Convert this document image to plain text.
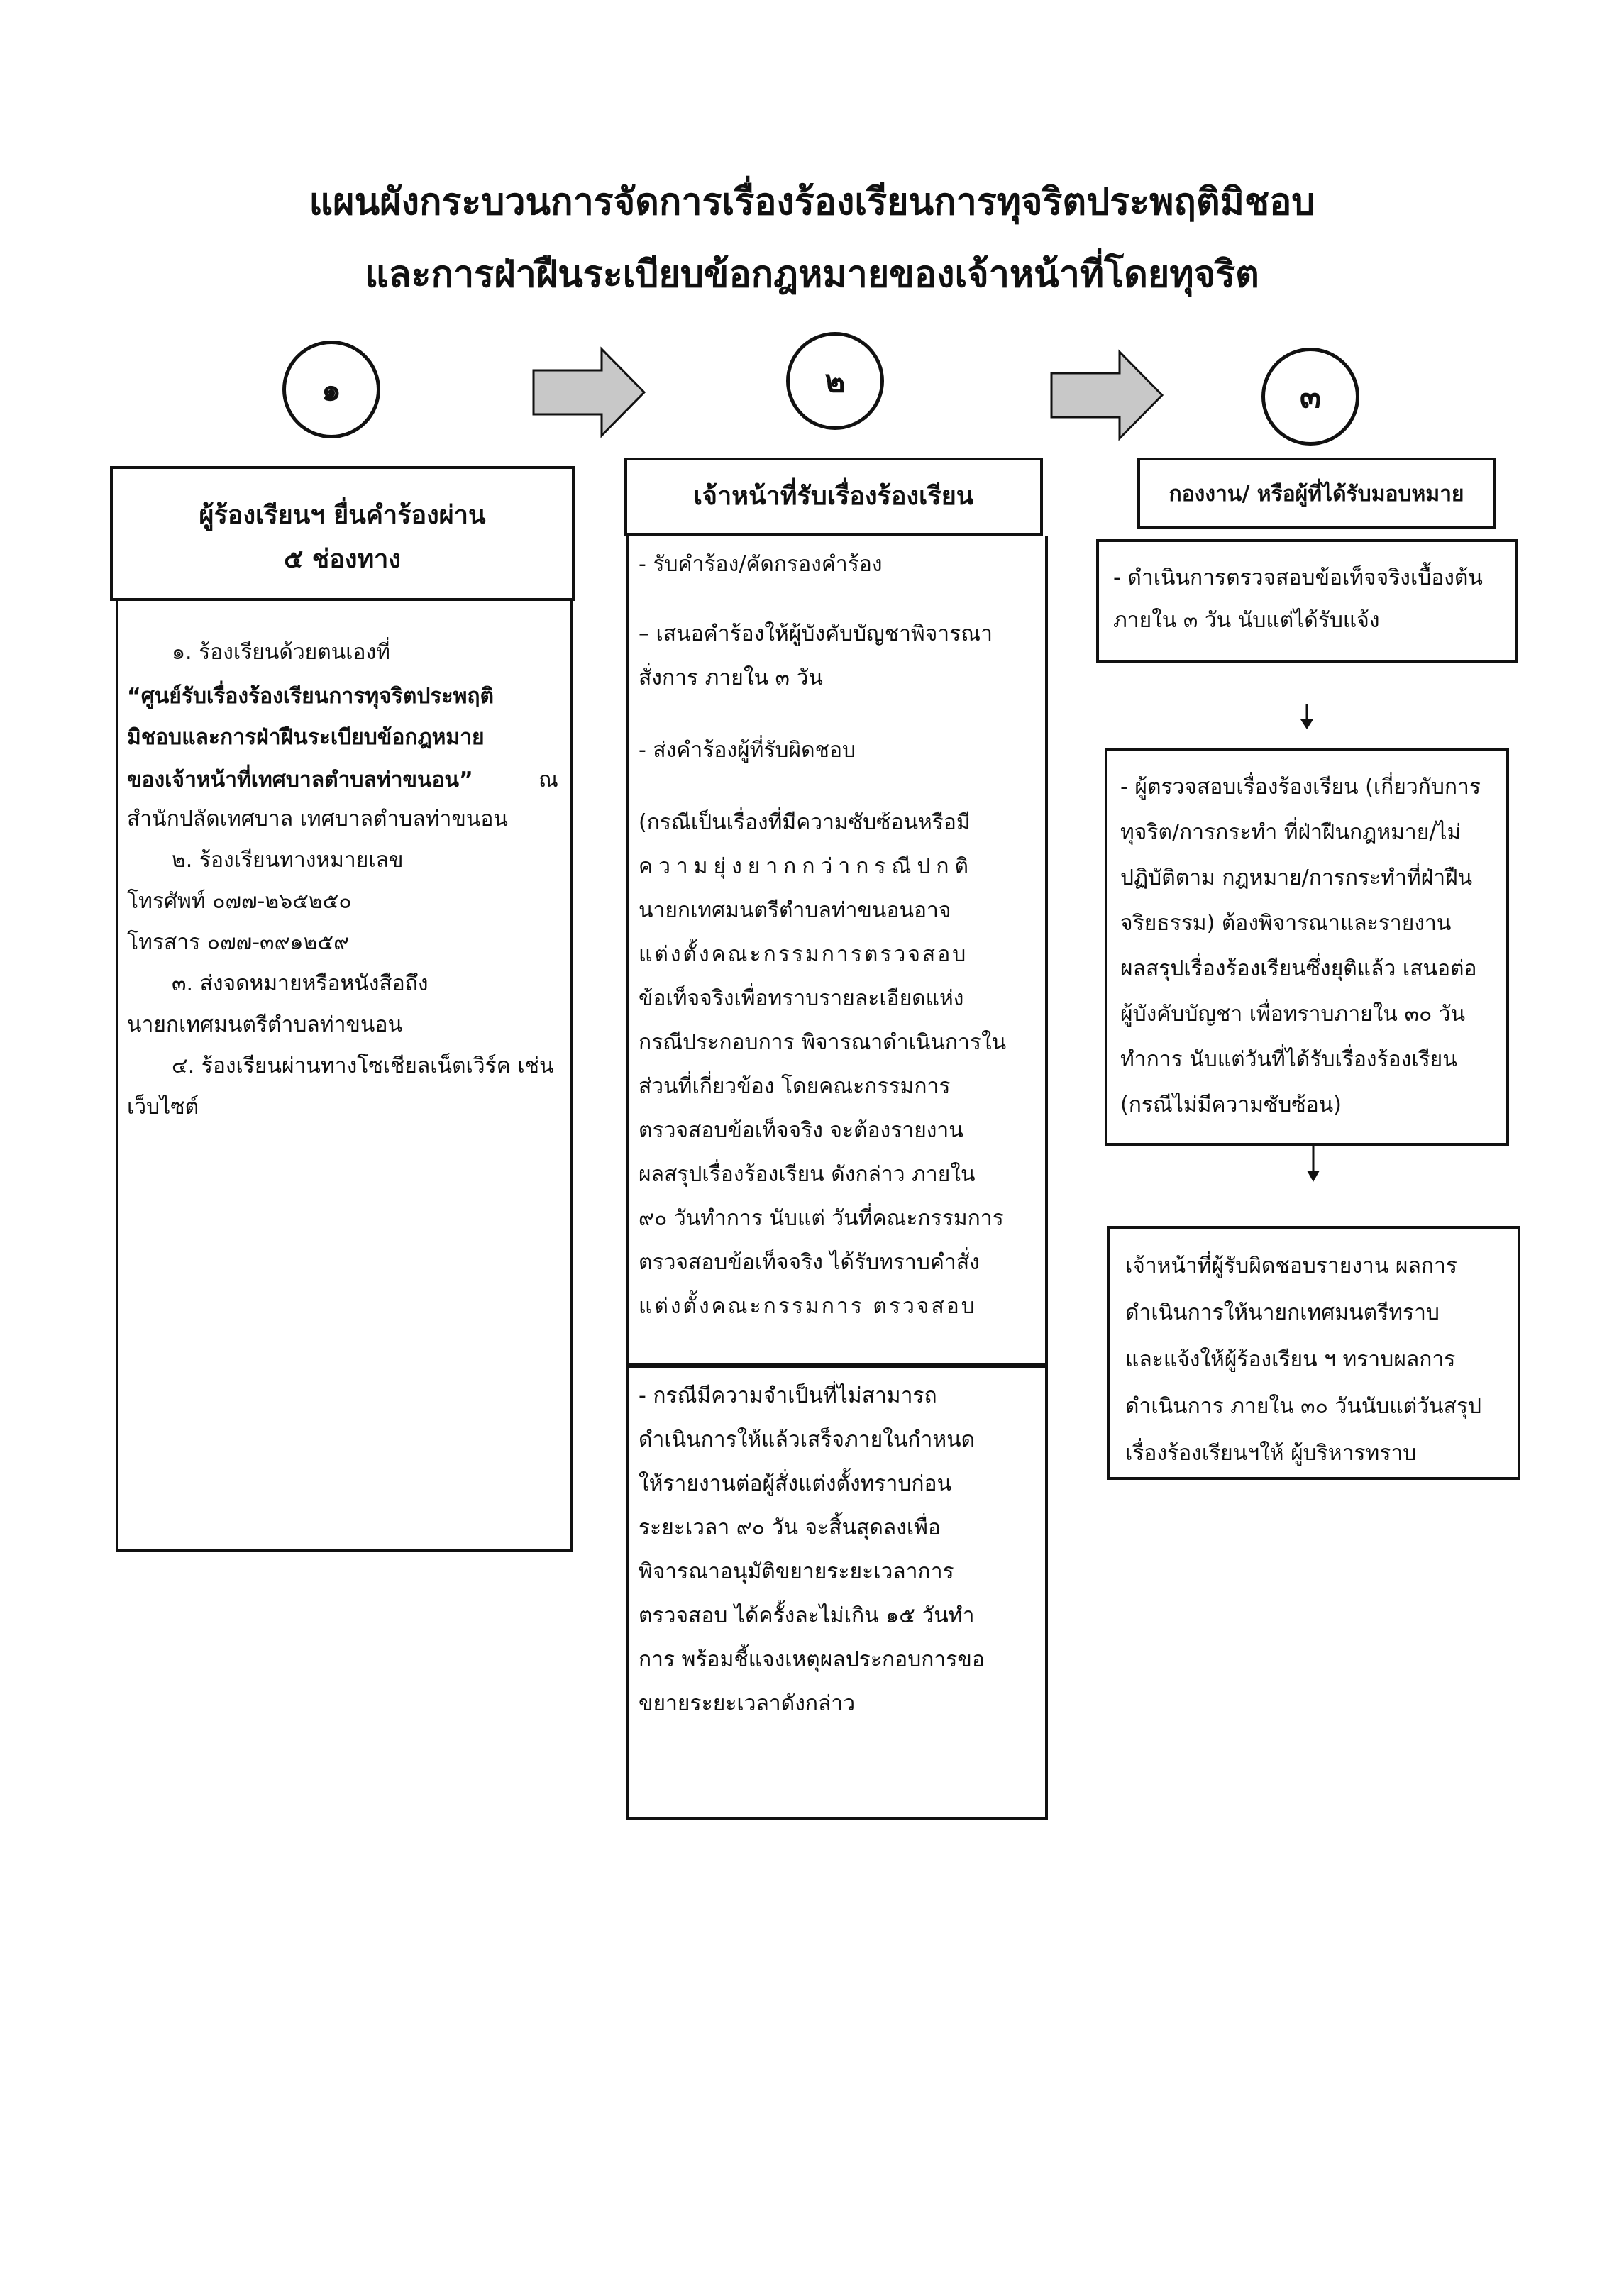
แผนผังกระบวนการจัดการเรื่องร้องเรียนการทุจริตประพฤติมิชอบ
และการฝ่าฝืนระเบียบข้อกฎหมายของเจ้าหน้าที่โดยทุจริต
๑	๒	๓
ผู้ร้องเรียนฯ ยื่นคำร้องผ่าน
๕ ช่องทาง
๑. ร้องเรียนด้วยตนเองที่
“ศูนย์รับเรื่องร้องเรียนการทุจริตประพฤติ
มิชอบและการฝ่าฝืนระเบียบข้อกฎหมาย
ของเจ้าหน้าที่เทศบาลตำบลท่าขนอน”	ณ
สำนักปลัดเทศบาล เทศบาลตำบลท่าขนอน
๒. ร้องเรียนทางหมายเลข
โทรศัพท์ ๐๗๗-๒๖๕๒๕๐
โทรสาร ๐๗๗-๓๙๑๒๕๙
๓. ส่งจดหมายหรือหนังสือถึง
นายกเทศมนตรีตำบลท่าขนอน
๔. ร้องเรียนผ่านทางโซเชียลเน็ตเวิร์ค เช่น
เว็บไซต์
เจ้าหน้าที่รับเรื่องร้องเรียน
- รับคำร้อง/คัดกรองคำร้อง
– เสนอคำร้องให้ผู้บังคับบัญชาพิจารณา
สั่งการ ภายใน ๓ วัน
- ส่งคำร้องผู้ที่รับผิดชอบ
(กรณีเป็นเรื่องที่มีความซับซ้อนหรือมี
ความยุ่งยากกว่ากรณีปกติ
นายกเทศมนตรีตำบลท่าขนอนอาจ
แต่งตั้งคณะกรรมการตรวจสอบ
ข้อเท็จจริงเพื่อทราบรายละเอียดแห่ง
กรณีประกอบการ พิจารณาดำเนินการใน
ส่วนที่เกี่ยวข้อง โดยคณะกรรมการ
ตรวจสอบข้อเท็จจริง จะต้องรายงาน
ผลสรุปเรื่องร้องเรียน ดังกล่าว ภายใน
๙๐ วันทำการ นับแต่ วันที่คณะกรรมการ
ตรวจสอบข้อเท็จจริง ได้รับทราบคำสั่ง
แต่งตั้งคณะกรรมการ ตรวจสอบ
- กรณีมีความจำเป็นที่ไม่สามารถ
ดำเนินการให้แล้วเสร็จภายในกำหนด
ให้รายงานต่อผู้สั่งแต่งตั้งทราบก่อน
ระยะเวลา ๙๐ วัน จะสิ้นสุดลงเพื่อ
พิจารณาอนุมัติขยายระยะเวลาการ
ตรวจสอบ ได้ครั้งละไม่เกิน ๑๕ วันทำ
การ พร้อมชี้แจงเหตุผลประกอบการขอ
ขยายระยะเวลาดังกล่าว
กองงาน/ หรือผู้ที่ได้รับมอบหมาย
- ดำเนินการตรวจสอบข้อเท็จจริงเบื้องต้น
ภายใน ๓ วัน นับแต่ได้รับแจ้ง
- ผู้ตรวจสอบเรื่องร้องเรียน (เกี่ยวกับการ
ทุจริต/การกระทำ ที่ฝ่าฝืนกฎหมาย/ไม่
ปฏิบัติตาม กฎหมาย/การกระทำที่ฝ่าฝืน
จริยธรรม) ต้องพิจารณาและรายงาน
ผลสรุปเรื่องร้องเรียนซึ่งยุติแล้ว เสนอต่อ
ผู้บังคับบัญชา เพื่อทราบภายใน ๓๐ วัน
ทำการ นับแต่วันที่ได้รับเรื่องร้องเรียน
(กรณีไม่มีความซับซ้อน)
เจ้าหน้าที่ผู้รับผิดชอบรายงาน ผลการ
ดำเนินการให้นายกเทศมนตรีทราบ
และแจ้งให้ผู้ร้องเรียน ฯ ทราบผลการ
ดำเนินการ ภายใน ๓๐ วันนับแต่วันสรุป
เรื่องร้องเรียนฯให้ ผู้บริหารทราบ
